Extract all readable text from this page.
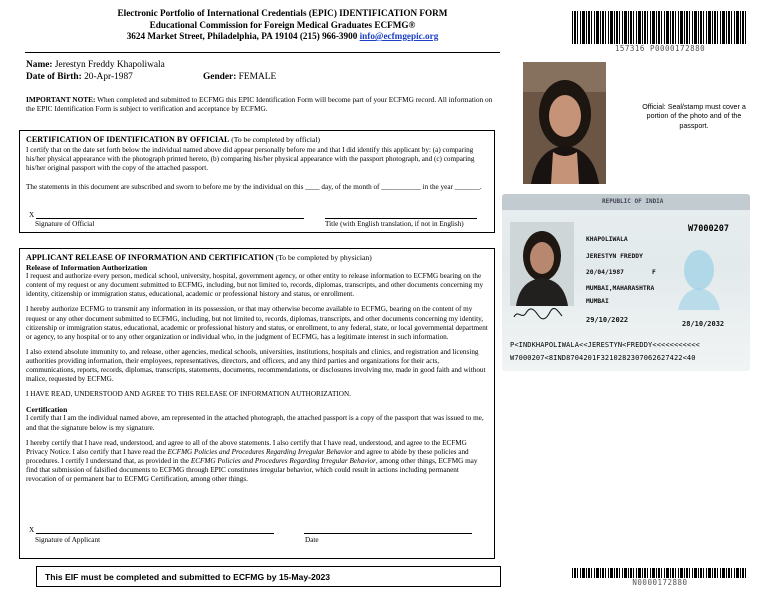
Electronic Portfolio of International Credentials (EPIC) IDENTIFICATION FORM
Educational Commission for Foreign Medical Graduates ECFMG®
3624 Market Street, Philadelphia, PA 19104 (215) 966-3900 info@ecfmgepic.org
157316 P0000172880
Name: Jerestyn Freddy Khapoliwala
Date of Birth: 20-Apr-1987	Gender: FEMALE
IMPORTANT NOTE: When completed and submitted to ECFMG this EPIC Identification Form will become part of your ECFMG record. All information on the EPIC Identification Form is subject to verification and acceptance by ECFMG.
CERTIFICATION OF IDENTIFICATION BY OFFICIAL (To be completed by official)

I certify that on the date set forth below the individual named above did appear personally before me and that I did identify this applicant by: (a) comparing his/her physical appearance with the photograph printed hereto, (b) comparing his/her physical appearance with the passport photograph, and (c) comparing his/her original passport with the copy of the attached passport.

The statements in this document are subscribed and sworn to before me by the individual on this ____ day, of the month of ___________ in the year _______.

X
Signature of Official	Title (with English translation, if not in English)
APPLICANT RELEASE OF INFORMATION AND CERTIFICATION (To be completed by physician)
Release of Information Authorization

I request and authorize every person, medical school, university, hospital, government agency, or other entity to release information to ECFMG bearing on the content of my request or any document submitted to ECFMG, including, but not limited to, records, diplomas, transcripts, and other documents concerning my identity, citizenship or immigration status, educational, academic or professional history and status, or enrollment.

I hereby authorize ECFMG to transmit any information in its possession, or that may otherwise become available to ECFMG, bearing on the content of my request or any other document submitted to ECFMG, including, but not limited to, records, diplomas, transcripts, and other documents concerning my identity, citizenship or immigration status, educational, academic or professional history and status, or enrollment, to any federal, state, or local governmental department or agency, to any hospital or to any other organization or individual who, in the judgment of ECFMG, has a legitimate interest in such information.

I also extend absolute immunity to, and release, other agencies, medical schools, universities, institutions, hospitals and clinics, and registration and licensing authorities providing information, their employees, representatives, directors, and officers, and any third parties and organizations for their acts, communications, reports, records, diplomas, transcripts, statements, documents, recommendations, or disclosures involving me, made in good faith and without malice, requested by ECFMG.

I HAVE READ, UNDERSTOOD AND AGREE TO THIS RELEASE OF INFORMATION AUTHORIZATION.

Certification

I certify that I am the individual named above, am represented in the attached photograph, the attached passport is a copy of the passport that was issued to me, and that the signature below is my signature.

I hereby certify that I have read, understood, and agree to all of the above statements. I also certify that I have read, understood, and agree to the ECFMG Privacy Notice. I also certify that I have read the ECFMG Policies and Procedures Regarding Irregular Behavior and agree to abide by these policies and procedures. I certify I understand that, as provided in the ECFMG Policies and Procedures Regarding Irregular Behavior, among other things, ECFMG may find that submission of falsified documents to ECFMG through EPIC constitutes irregular behavior, which could result in actions including permanent revocation of or permanent bar to ECFMG Certification, among other things.

X
Signature of Applicant	Date
Official: Seal/stamp must cover a portion of the photo and of the passport.
REPUBLIC OF INDIA
W7000207
KHAPOLIWALA
JERESTYN FREDDY
20/04/1987	F
MUMBAI,MAHARASHTRA
MUMBAI
29/10/2022	28/10/2032
P<INDKHAPOLIWALA<<JERESTYN<FREDDY<<<<<<<<<<<
W7000207<8IND8704201F3210282307062627422<40
This EIF must be completed and submitted to ECFMG by 15-May-2023
N0000172880
